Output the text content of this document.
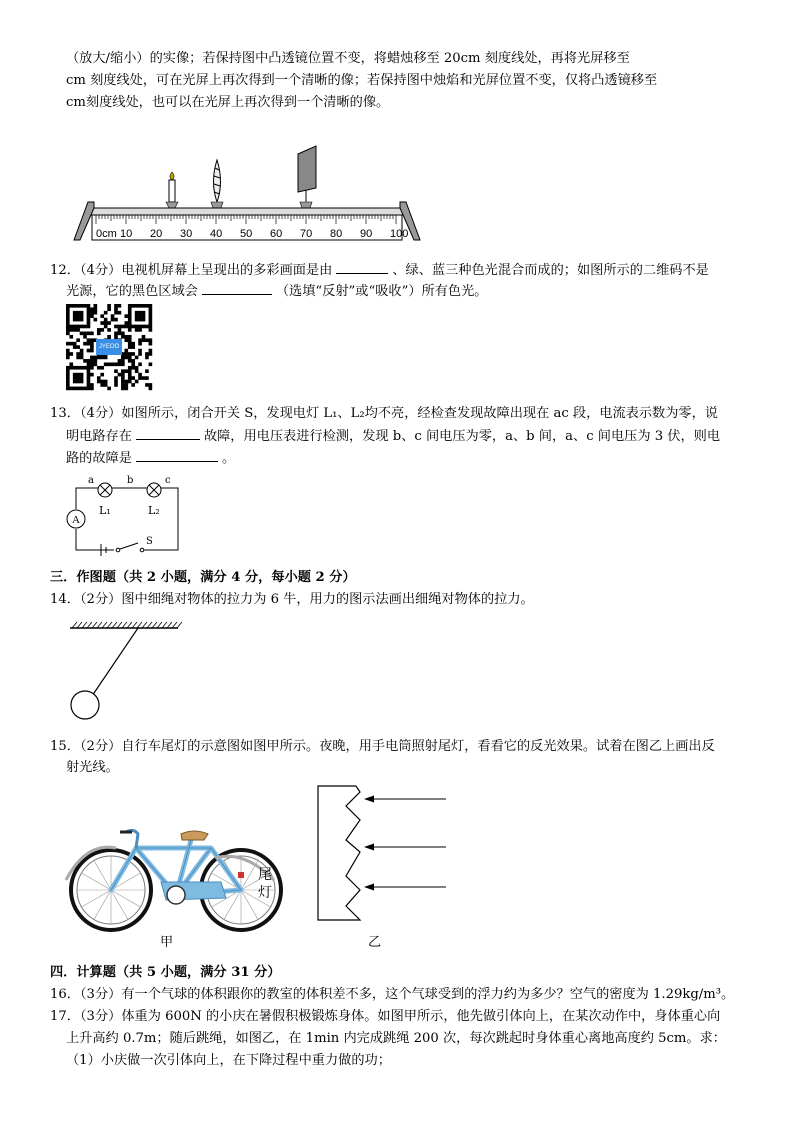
（放大/缩小）的实像；若保持图中凸透镜位置不变，将蜡烛移至 20cm 刻度线处，再将光屏移至
cm 刻度线处，可在光屏上再次得到一个清晰的像；若保持图中烛焰和光屏位置不变，仅将凸透镜移至
cm刻度线处，也可以在光屏上再次得到一个清晰的像。
0cm 10 20 30 40 50 60 70 80 90 100
12．（4分）电视机屏幕上呈现出的多彩画面是由	、绿、蓝三种色光混合而成的；如图所示的二维码不是
光源，它的黑色区域会	（选填“反射”或“吸收”）所有色光。
JYEOO
13．（4分）如图所示，闭合开关 S，发现电灯 L₁、L₂均不亮，经检查发现故障出现在 ac 段，电流表示数为零，说
明电路存在	故障，用电压表进行检测，发现 b、c 间电压为零，a、b 间，a、c 间电压为 3 伏，则电
路的故障是	。
A
a	b	c
L₁	L₂
S
三．作图题（共 2 小题，满分 4 分，每小题 2 分）
14．（2分）图中细绳对物体的拉力为 6 牛，用力的图示法画出细绳对物体的拉力。
15．（2分）自行车尾灯的示意图如图甲所示。夜晚，用手电筒照射尾灯，看看它的反光效果。试着在图乙上画出反
射光线。
尾
灯
甲	乙
四．计算题（共 5 小题，满分 31 分）
16．（3分）有一个气球的体积跟你的教室的体积差不多，这个气球受到的浮力约为多少？空气的密度为 1.29kg/m³。
17．（3分）体重为 600N 的小庆在暑假积极锻炼身体。如图甲所示，他先做引体向上，在某次动作中，身体重心向
上升高约 0.7m；随后跳绳，如图乙，在 1min 内完成跳绳 200 次，每次跳起时身体重心离地高度约 5cm。求：
（1）小庆做一次引体向上，在下降过程中重力做的功；
